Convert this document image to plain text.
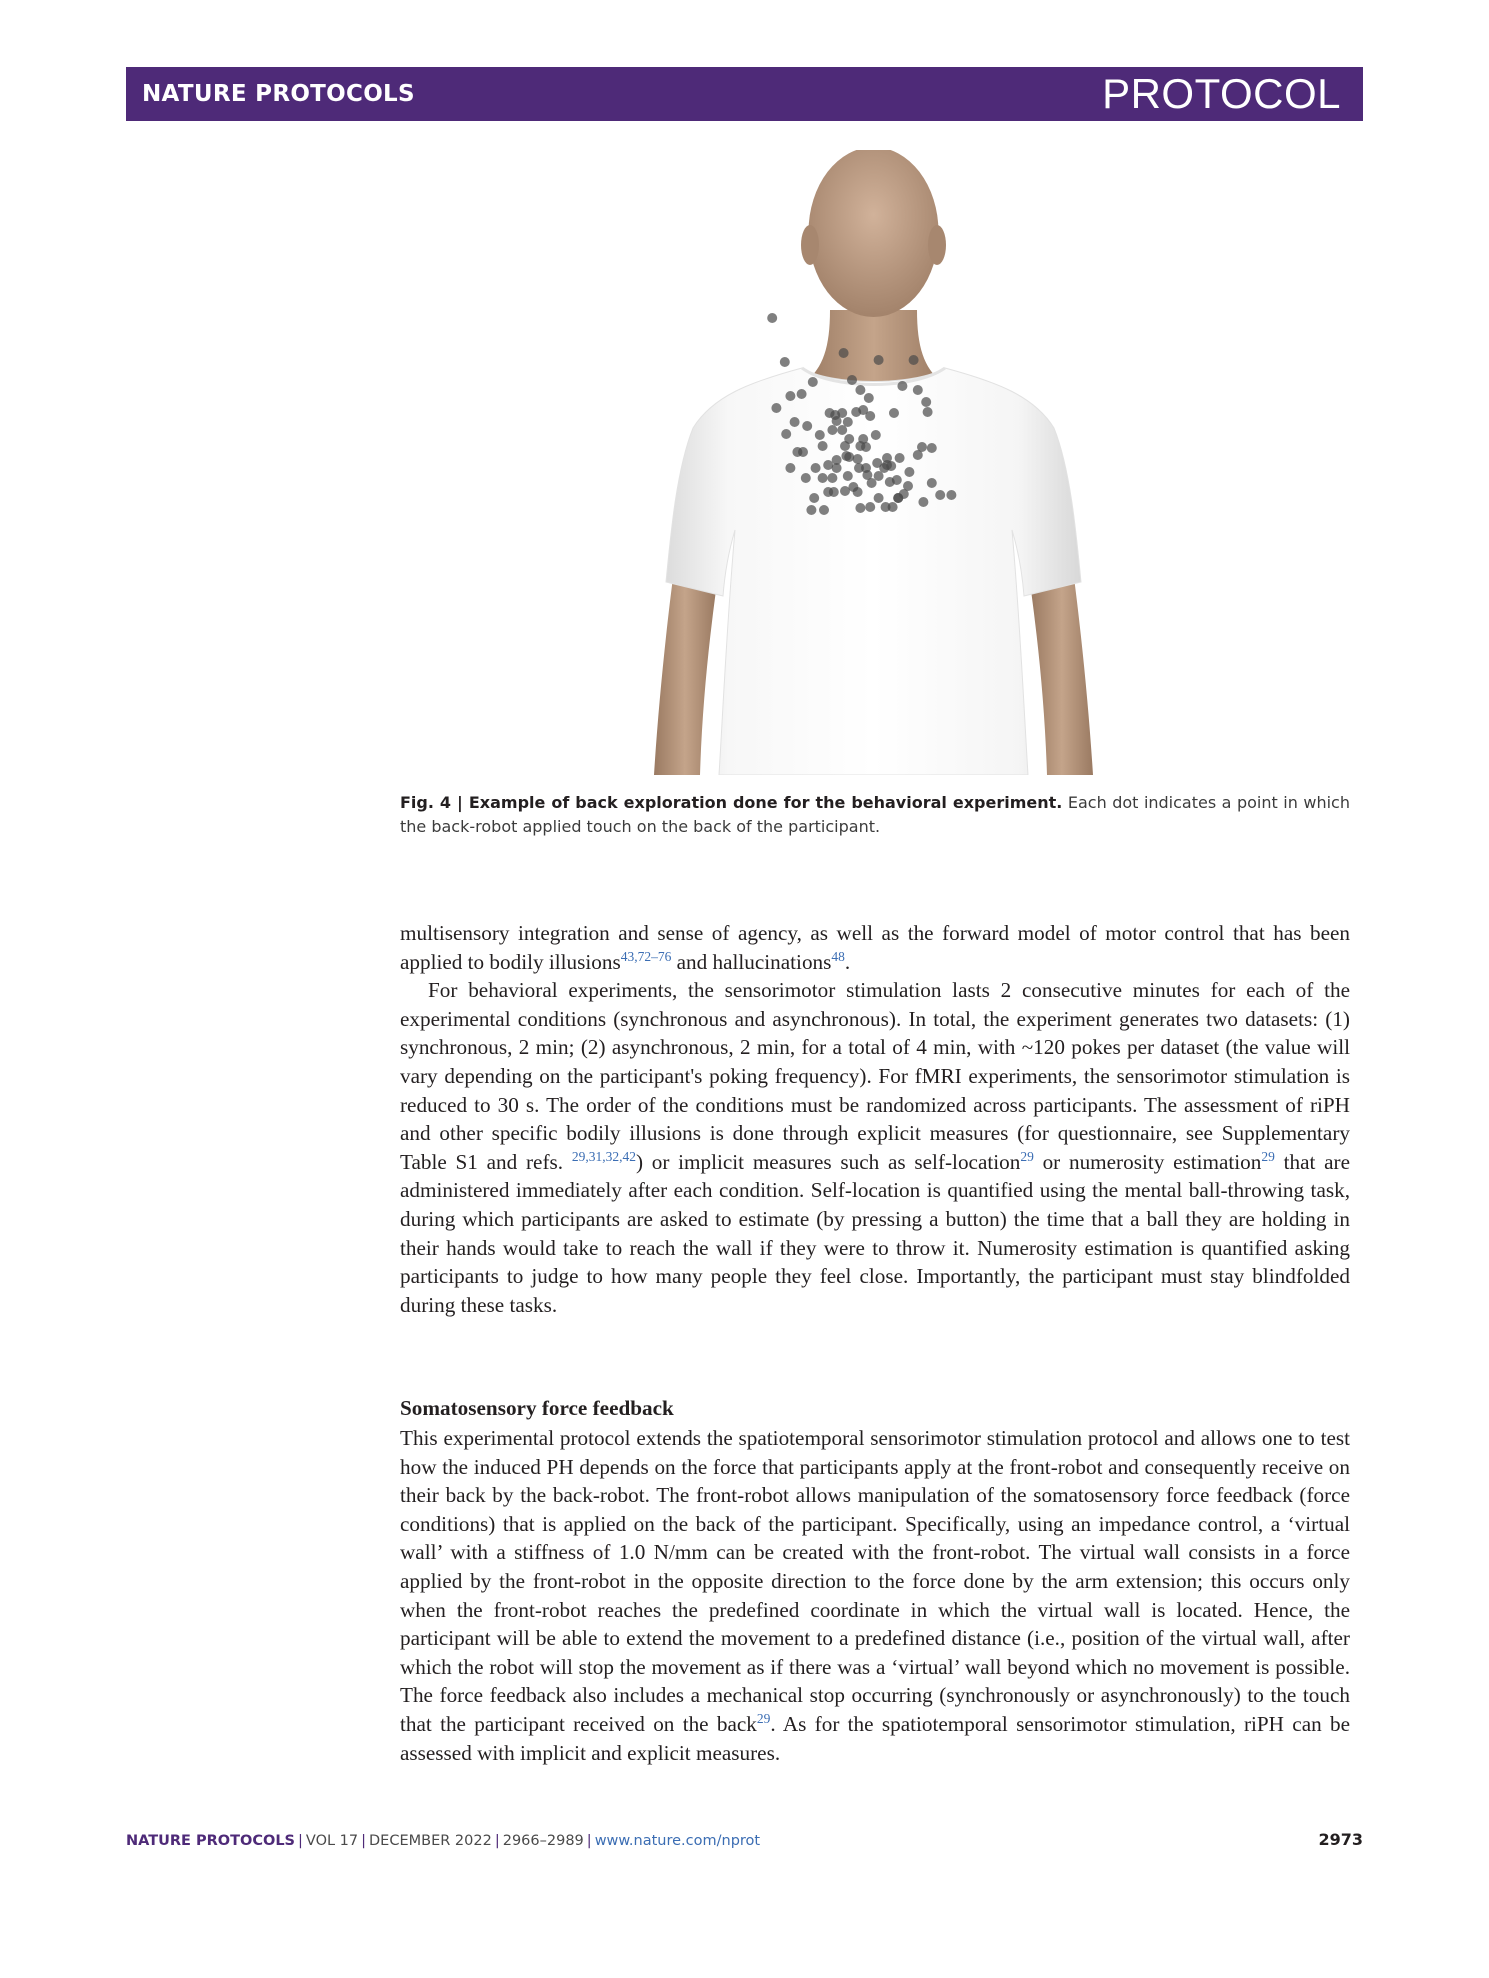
NATURE PROTOCOLS	PROTOCOL
Fig. 4 | Example of back exploration done for the behavioral experiment. Each dot indicates a point in which the back-robot applied touch on the back of the participant.

multisensory integration and sense of agency, as well as the forward model of motor control that has been applied to bodily illusions$^{43,72-76}$ and hallucinations$^{48}$.

For behavioral experiments, the sensorimotor stimulation lasts 2 consecutive minutes for each of the experimental conditions (synchronous and asynchronous). In total, the experiment generates two datasets: (1) synchronous, 2 min; (2) asynchronous, 2 min, for a total of 4 min, with ~120 pokes per dataset (the value will vary depending on the participant's poking frequency). For fMRI experiments, the sensorimotor stimulation is reduced to 30 s. The order of the conditions must be randomized across participants. The assessment of riPH and other specific bodily illusions is done through explicit measures (for questionnaire, see Supplementary Table S1 and refs. $^{29,31,32,42}$) or implicit measures such as self-location$^{29}$ or numerosity estimation$^{29}$ that are administered immediately after each condition. Self-location is quantified using the mental ball-throwing task, during which participants are asked to estimate (by pressing a button) the time that a ball they are holding in their hands would take to reach the wall if they were to throw it. Numerosity estimation is quantified asking participants to judge to how many people they feel close. Importantly, the participant must stay blindfolded during these tasks.

Somatosensory force feedback

This experimental protocol extends the spatiotemporal sensorimotor stimulation protocol and allows one to test how the induced PH depends on the force that participants apply at the front-robot and consequently receive on their back by the back-robot. The front-robot allows manipulation of the somatosensory force feedback (force conditions) that is applied on the back of the participant. Specifically, using an impedance control, a ‘virtual wall’ with a stiffness of 1.0 N/mm can be created with the front-robot. The virtual wall consists in a force applied by the front-robot in the opposite direction to the force done by the arm extension; this occurs only when the front-robot reaches the predefined coordinate in which the virtual wall is located. Hence, the participant will be able to extend the movement to a predefined distance (i.e., position of the virtual wall, after which the robot will stop the movement as if there was a ‘virtual’ wall beyond which no movement is possible. The force feedback also includes a mechanical stop occurring (synchronously or asynchronously) to the touch that the participant received on the back$^{29}$. As for the spatiotemporal sensorimotor stimulation, riPH can be assessed with implicit and explicit measures.

NATURE PROTOCOLS | VOL 17 | DECEMBER 2022 | 2966–2989 | www.nature.com/nprot	2973
